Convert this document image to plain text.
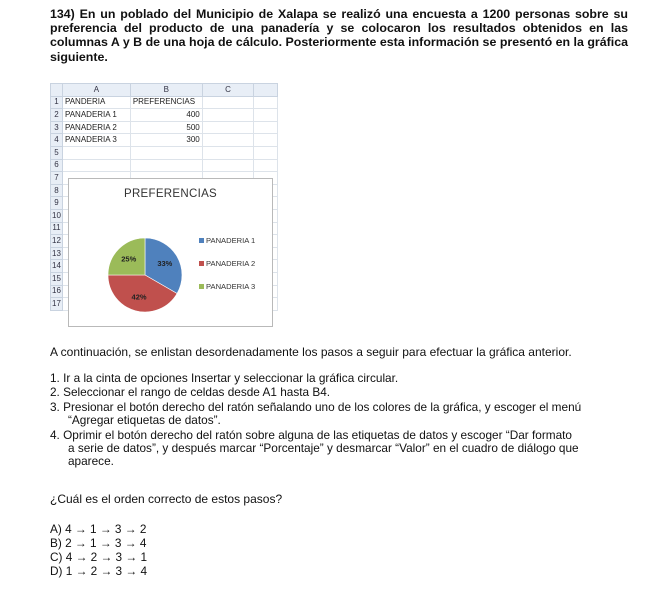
134) En un poblado del Municipio de Xalapa se realizó una encuesta a 1200 personas sobre su preferencia del producto de una panadería y se colocaron los resultados obtenidos en las columnas A y B de una hoja de cálculo. Posteriormente esta información se presentó en la gráfica siguiente.

	A	B	C	
1	PANDERIA	PREFERENCIAS		
2	PANADERIA 1	400		
3	PANADERIA 2	500		
4	PANADERIA 3	300		
5				
6				
7				
8				
9				
10				
11				
12				
13				
14				
15				
16				
17				
PREFERENCIAS
33%
42%
25%
PANADERIA 1
PANADERIA 2
PANADERIA 3

A continuación, se enlistan desordenadamente los pasos a seguir para efectuar la gráfica anterior.

1. Ir a la cinta de opciones Insertar y seleccionar la gráfica circular.
2. Seleccionar el rango de celdas desde A1 hasta B4.
3. Presionar el botón derecho del ratón señalando uno de los colores de la gráfica, y escoger el menú
“Agregar etiquetas de datos”.
4. Oprimir el botón derecho del ratón sobre alguna de las etiquetas de datos y escoger “Dar formato
a serie de datos”, y después marcar “Porcentaje” y desmarcar “Valor” en el cuadro de diálogo que
aparece.

¿Cuál es el orden correcto de estos pasos?

A) 4 → 1 → 3 → 2
B) 2 → 1 → 3 → 4
C) 4 → 2 → 3 → 1
D) 1 → 2 → 3 → 4
